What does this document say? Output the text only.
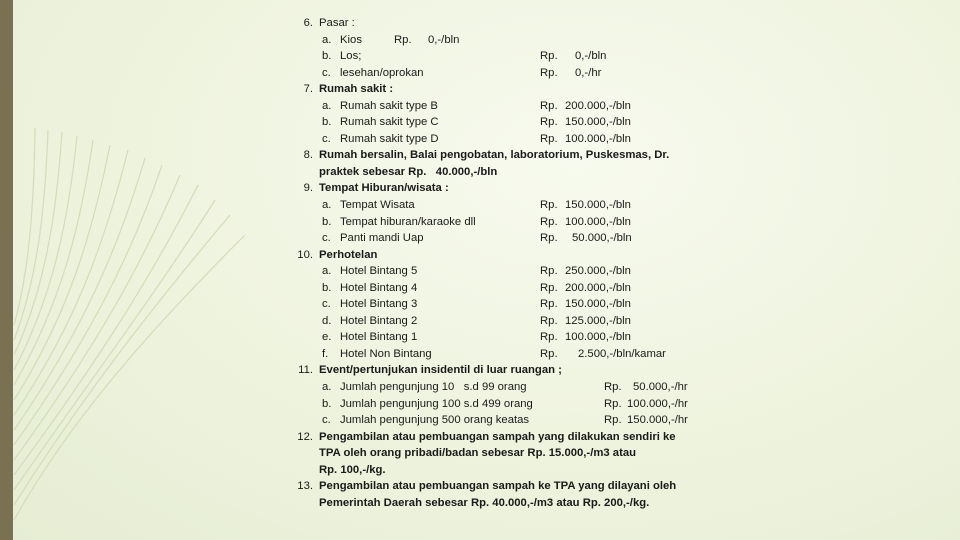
6. Pasar :
a. Kios	Rp. 0,-/bln
b. Los;	Rp. 0,-/bln
c. lesehan/oprokan	Rp. 0,-/hr
7. Rumah sakit :
a. Rumah sakit type B	Rp. 200.000,-/bln
b. Rumah sakit type C	Rp. 150.000,-/bln
c. Rumah sakit type D	Rp. 100.000,-/bln
8. Rumah bersalin, Balai pengobatan, laboratorium, Puskesmas, Dr.
praktek sebesar Rp.   40.000,-/bln
9. Tempat Hiburan/wisata :
a. Tempat Wisata	Rp. 150.000,-/bln
b. Tempat hiburan/karaoke dll	Rp. 100.000,-/bln
c. Panti mandi Uap	Rp. 50.000,-/bln
10. Perhotelan
a. Hotel Bintang 5	Rp. 250.000,-/bln
b. Hotel Bintang 4	Rp. 200.000,-/bln
c. Hotel Bintang 3	Rp. 150.000,-/bln
d. Hotel Bintang 2	Rp. 125.000,-/bln
e. Hotel Bintang 1	Rp. 100.000,-/bln
f. Hotel Non Bintang	Rp. 2.500,-/bln/kamar
11. Event/pertunjukan insidentil di luar ruangan ;
a. Jumlah pengunjung 10   s.d 99 orang	Rp. 50.000,-/hr
b. Jumlah pengunjung 100 s.d 499 orang	Rp. 100.000,-/hr
c. Jumlah pengunjung 500 orang keatas	Rp. 150.000,-/hr
12. Pengambilan atau pembuangan sampah yang dilakukan sendiri ke
TPA oleh orang pribadi/badan sebesar Rp. 15.000,-/m3 atau
Rp. 100,-/kg.
13. Pengambilan atau pembuangan sampah ke TPA yang dilayani oleh
Pemerintah Daerah sebesar Rp. 40.000,-/m3 atau Rp. 200,-/kg.
